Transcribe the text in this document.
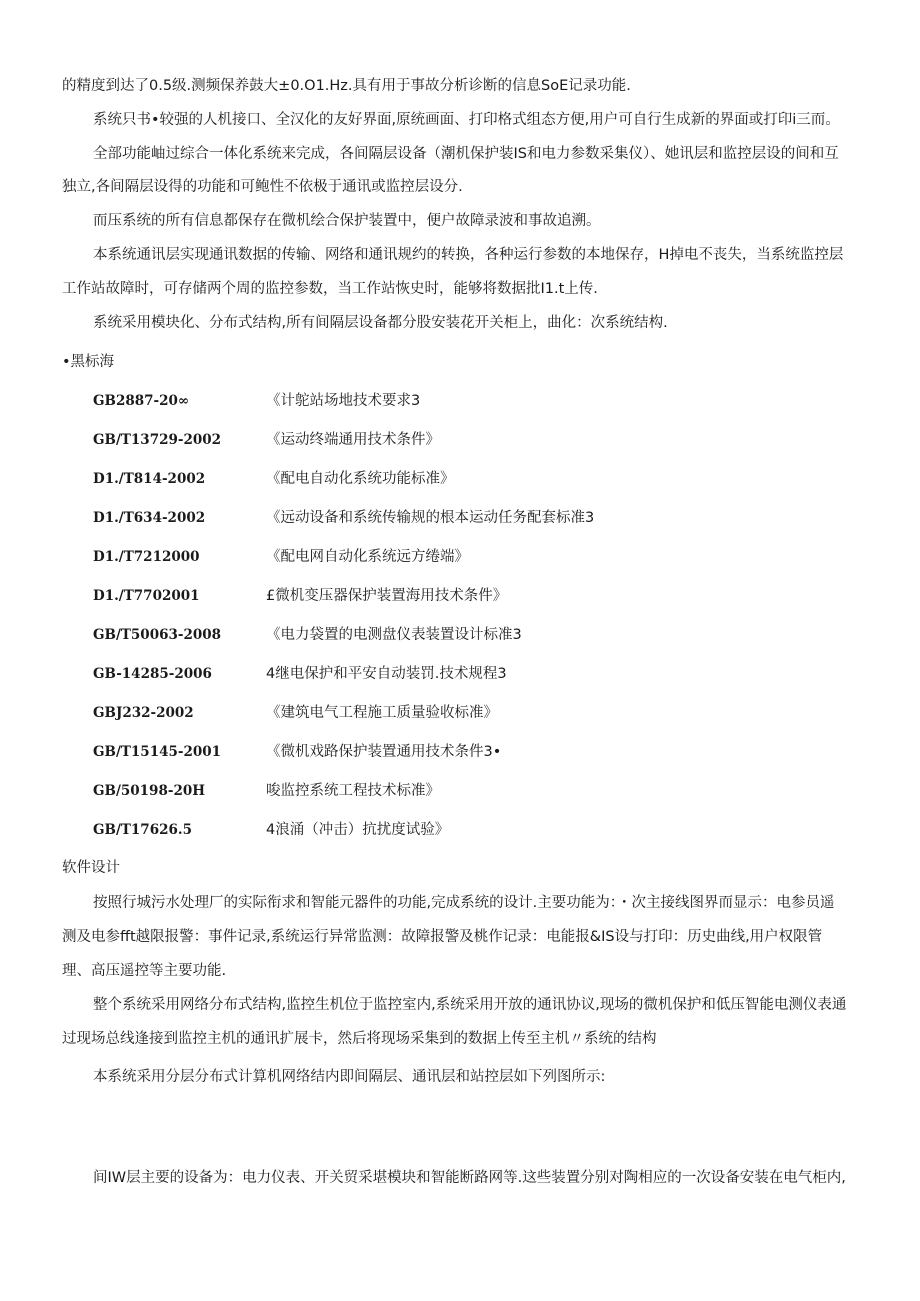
的精度到达了0.5级.测频保养鼓大±0.O1.Hz.具有用于事故分析诊断的信息SoE记录功能.
系统只书•较强的人机接口、全汉化的友好界面,原统画面、打印格式组态方便,用户可自行生成新的界面或打印i三而。
全部功能岫过综合一体化系统来完成，各间隔层设备（潮机保护装IS和电力参数采集仪）、她讯层和监控层设的间和互
独立,各间隔层设得的功能和可鲍性不依极于通讯或监控层设分.
而压系统的所有信息都保存在微机绘合保护装置中，便户故障录波和事故追溯。
本系统通讯层实现通讯数据的传输、网络和通讯规约的转换，各种运行参数的本地保存，H掉电不丧失，当系统监控层
工作站故障时，可存储两个周的监控参数，当工作站恢史时，能够将数据批I1.t上传.
系统采用模块化、分布式结构,所有间隔层设备都分股安装花开关柜上，曲化：次系统结构.
•黑标海
GB2887-20∞	《计鸵站场地技术要求3
GB/T13729-2002	《运动终端通用技术条件》
D1./T814-2002	《配电自动化系统功能标准》
D1./T634-2002	《远动设备和系统传输规的根本运动任务配套标准3
D1./T7212000	《配电网自动化系统远方绻端》
D1./T7702001	£微机变压器保护装置海用技术条件》
GB/T50063-2008	《电力袋置的电测盘仪表装置设计标准3
GB-14285-2006	4继电保护和平安自动装罚.技术规程3
GBJ232-2002	《建筑电气工程施工质量验收标准》
GB/T15145-2001	《微机戏路保护装置通用技术条件3•
GB/50198-20H	唆监控系统工程技术标准》
GB/T17626.5	4浪涌（冲击）抗扰度试验》
软件设计
按照行城污水处理厂的实际衔求和智能元器件的功能,完成系统的设计.主要功能为：・次主接线图界而显示：电参员遥
测及电参fft越限报警：事件记录,系统运行异常监测：故障报警及桃作记录：电能报&IS设与打印：历史曲线,用户权限管
理、高压遥控等主要功能.
整个系统采用网络分布式结构,监控生机位于监控室内,系统采用开放的通讯协议,现场的微机保护和低压智能电测仪表通
过现场总线逢接到监控主机的通讯扩展卡，然后将现场采集到的数据上传至主机〃系统的结构
本系统采用分层分布式计算机网络结内即间隔层、通讯层和站控层如下列图所示:
间IW层主要的设备为：电力仪表、开关贸采堪模块和智能断路网等.这些装置分别对陶相应的一次设备安装在电气柜内,
